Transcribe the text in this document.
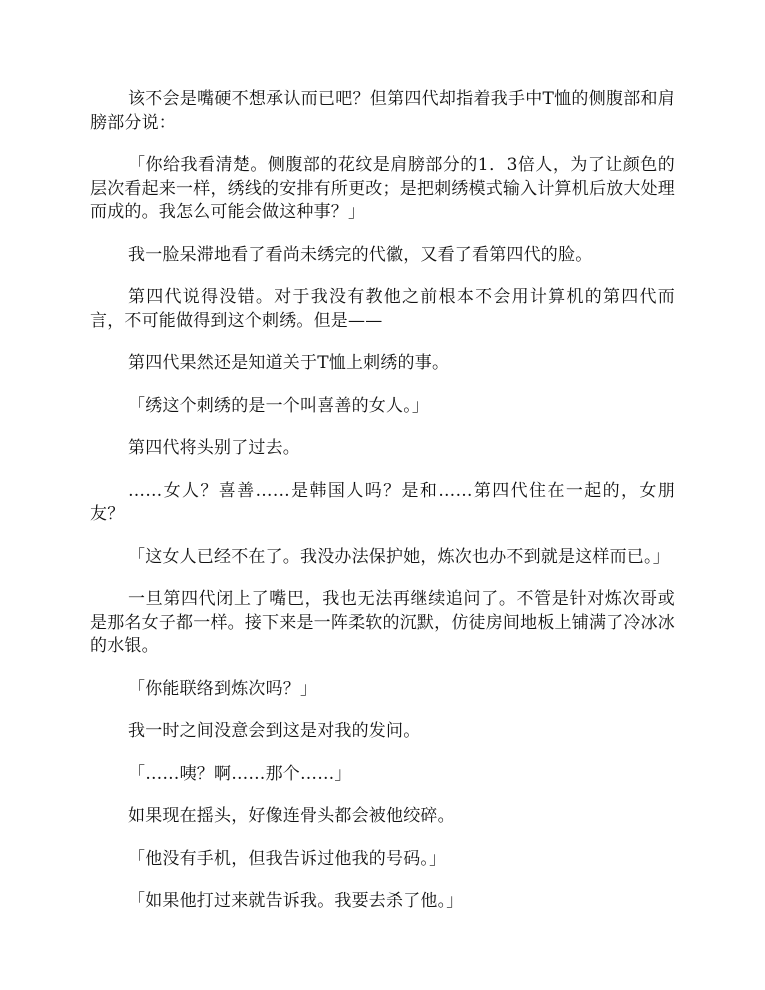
该不会是嘴硬不想承认而已吧？但第四代却指着我手中T恤的侧腹部和肩膀部分说：

「你给我看清楚。侧腹部的花纹是肩膀部分的1．3倍人，为了让颜色的层次看起来一样，绣线的安排有所更改；是把刺绣模式输入计算机后放大处理而成的。我怎么可能会做这种事？」

我一脸呆滞地看了看尚未绣完的代徽，又看了看第四代的脸。

第四代说得没错。对于我没有教他之前根本不会用计算机的第四代而言，不可能做得到这个刺绣。但是——

第四代果然还是知道关于T恤上刺绣的事。

「绣这个刺绣的是一个叫喜善的女人。」

第四代将头别了过去。

……女人？喜善……是韩国人吗？是和……第四代住在一起的，女朋友？

「这女人已经不在了。我没办法保护她，炼次也办不到就是这样而已。」

一旦第四代闭上了嘴巴，我也无法再继续追问了。不管是针对炼次哥或是那名女子都一样。接下来是一阵柔软的沉默，仿徒房间地板上铺满了冷冰冰的水银。

「你能联络到炼次吗？」

我一时之间没意会到这是对我的发问。

「……咦？啊……那个……」

如果现在摇头，好像连骨头都会被他绞碎。

「他没有手机，但我告诉过他我的号码。」

「如果他打过来就告诉我。我要去杀了他。」
